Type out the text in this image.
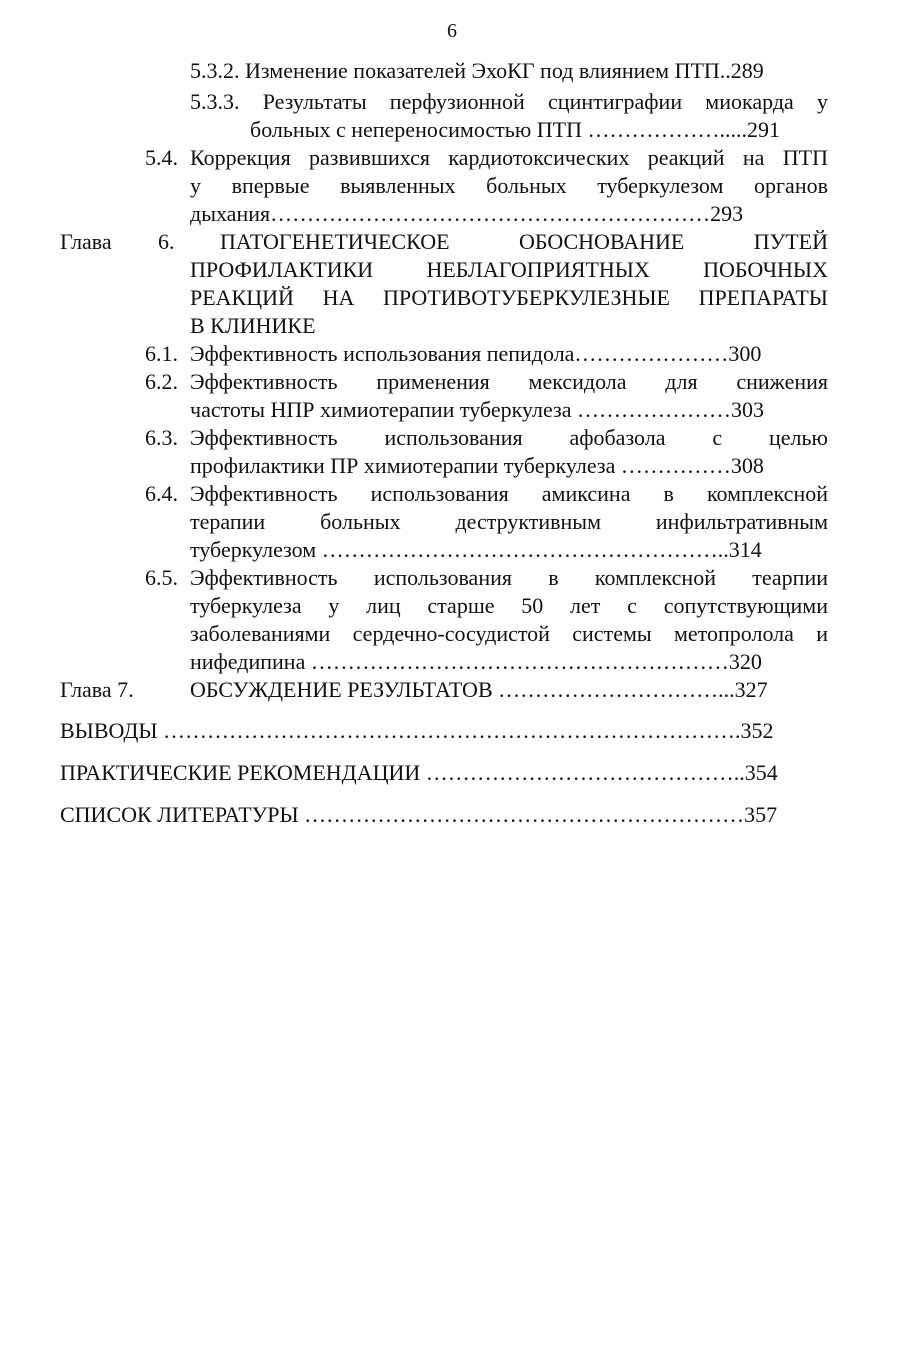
6
5.3.2. Изменение показателей ЭхоКГ под влиянием ПТП..289
5.3.3. Результаты перфузионной сцинтиграфии миокарда у
больных с непереносимостью ПТП ……………….....291
5.4. Коррекция развившихся кардиотоксических реакций на ПТП
у впервые выявленных больных туберкулезом органов
дыхания……………………………………………………293
Глава 6. ПАТОГЕНЕТИЧЕСКОЕ ОБОСНОВАНИЕ ПУТЕЙ
ПРОФИЛАКТИКИ НЕБЛАГОПРИЯТНЫХ ПОБОЧНЫХ
РЕАКЦИЙ НА ПРОТИВОТУБЕРКУЛЕЗНЫЕ ПРЕПАРАТЫ
В КЛИНИКЕ
6.1. Эффективность использования пепидола…………………300
6.2. Эффективность применения мексидола для снижения
частоты НПР химиотерапии туберкулеза …………………303
6.3. Эффективность использования афобазола с целью
профилактики ПР химиотерапии туберкулеза ……………308
6.4. Эффективность использования амиксина в комплексной
терапии больных деструктивным инфильтративным
туберкулезом ………………………………………………..314
6.5. Эффективность использования в комплексной теарпии
туберкулеза у лиц старше 50 лет с сопутствующими
заболеваниями сердечно-сосудистой системы метопролола и
нифедипина …………………………………………………320
Глава 7.	ОБСУЖДЕНИЕ РЕЗУЛЬТАТОВ …………………………...327
ВЫВОДЫ …………………………………………………………………….352
ПРАКТИЧЕСКИЕ РЕКОМЕНДАЦИИ ……………………………………..354
СПИСОК ЛИТЕРАТУРЫ ……………………………………………………357
